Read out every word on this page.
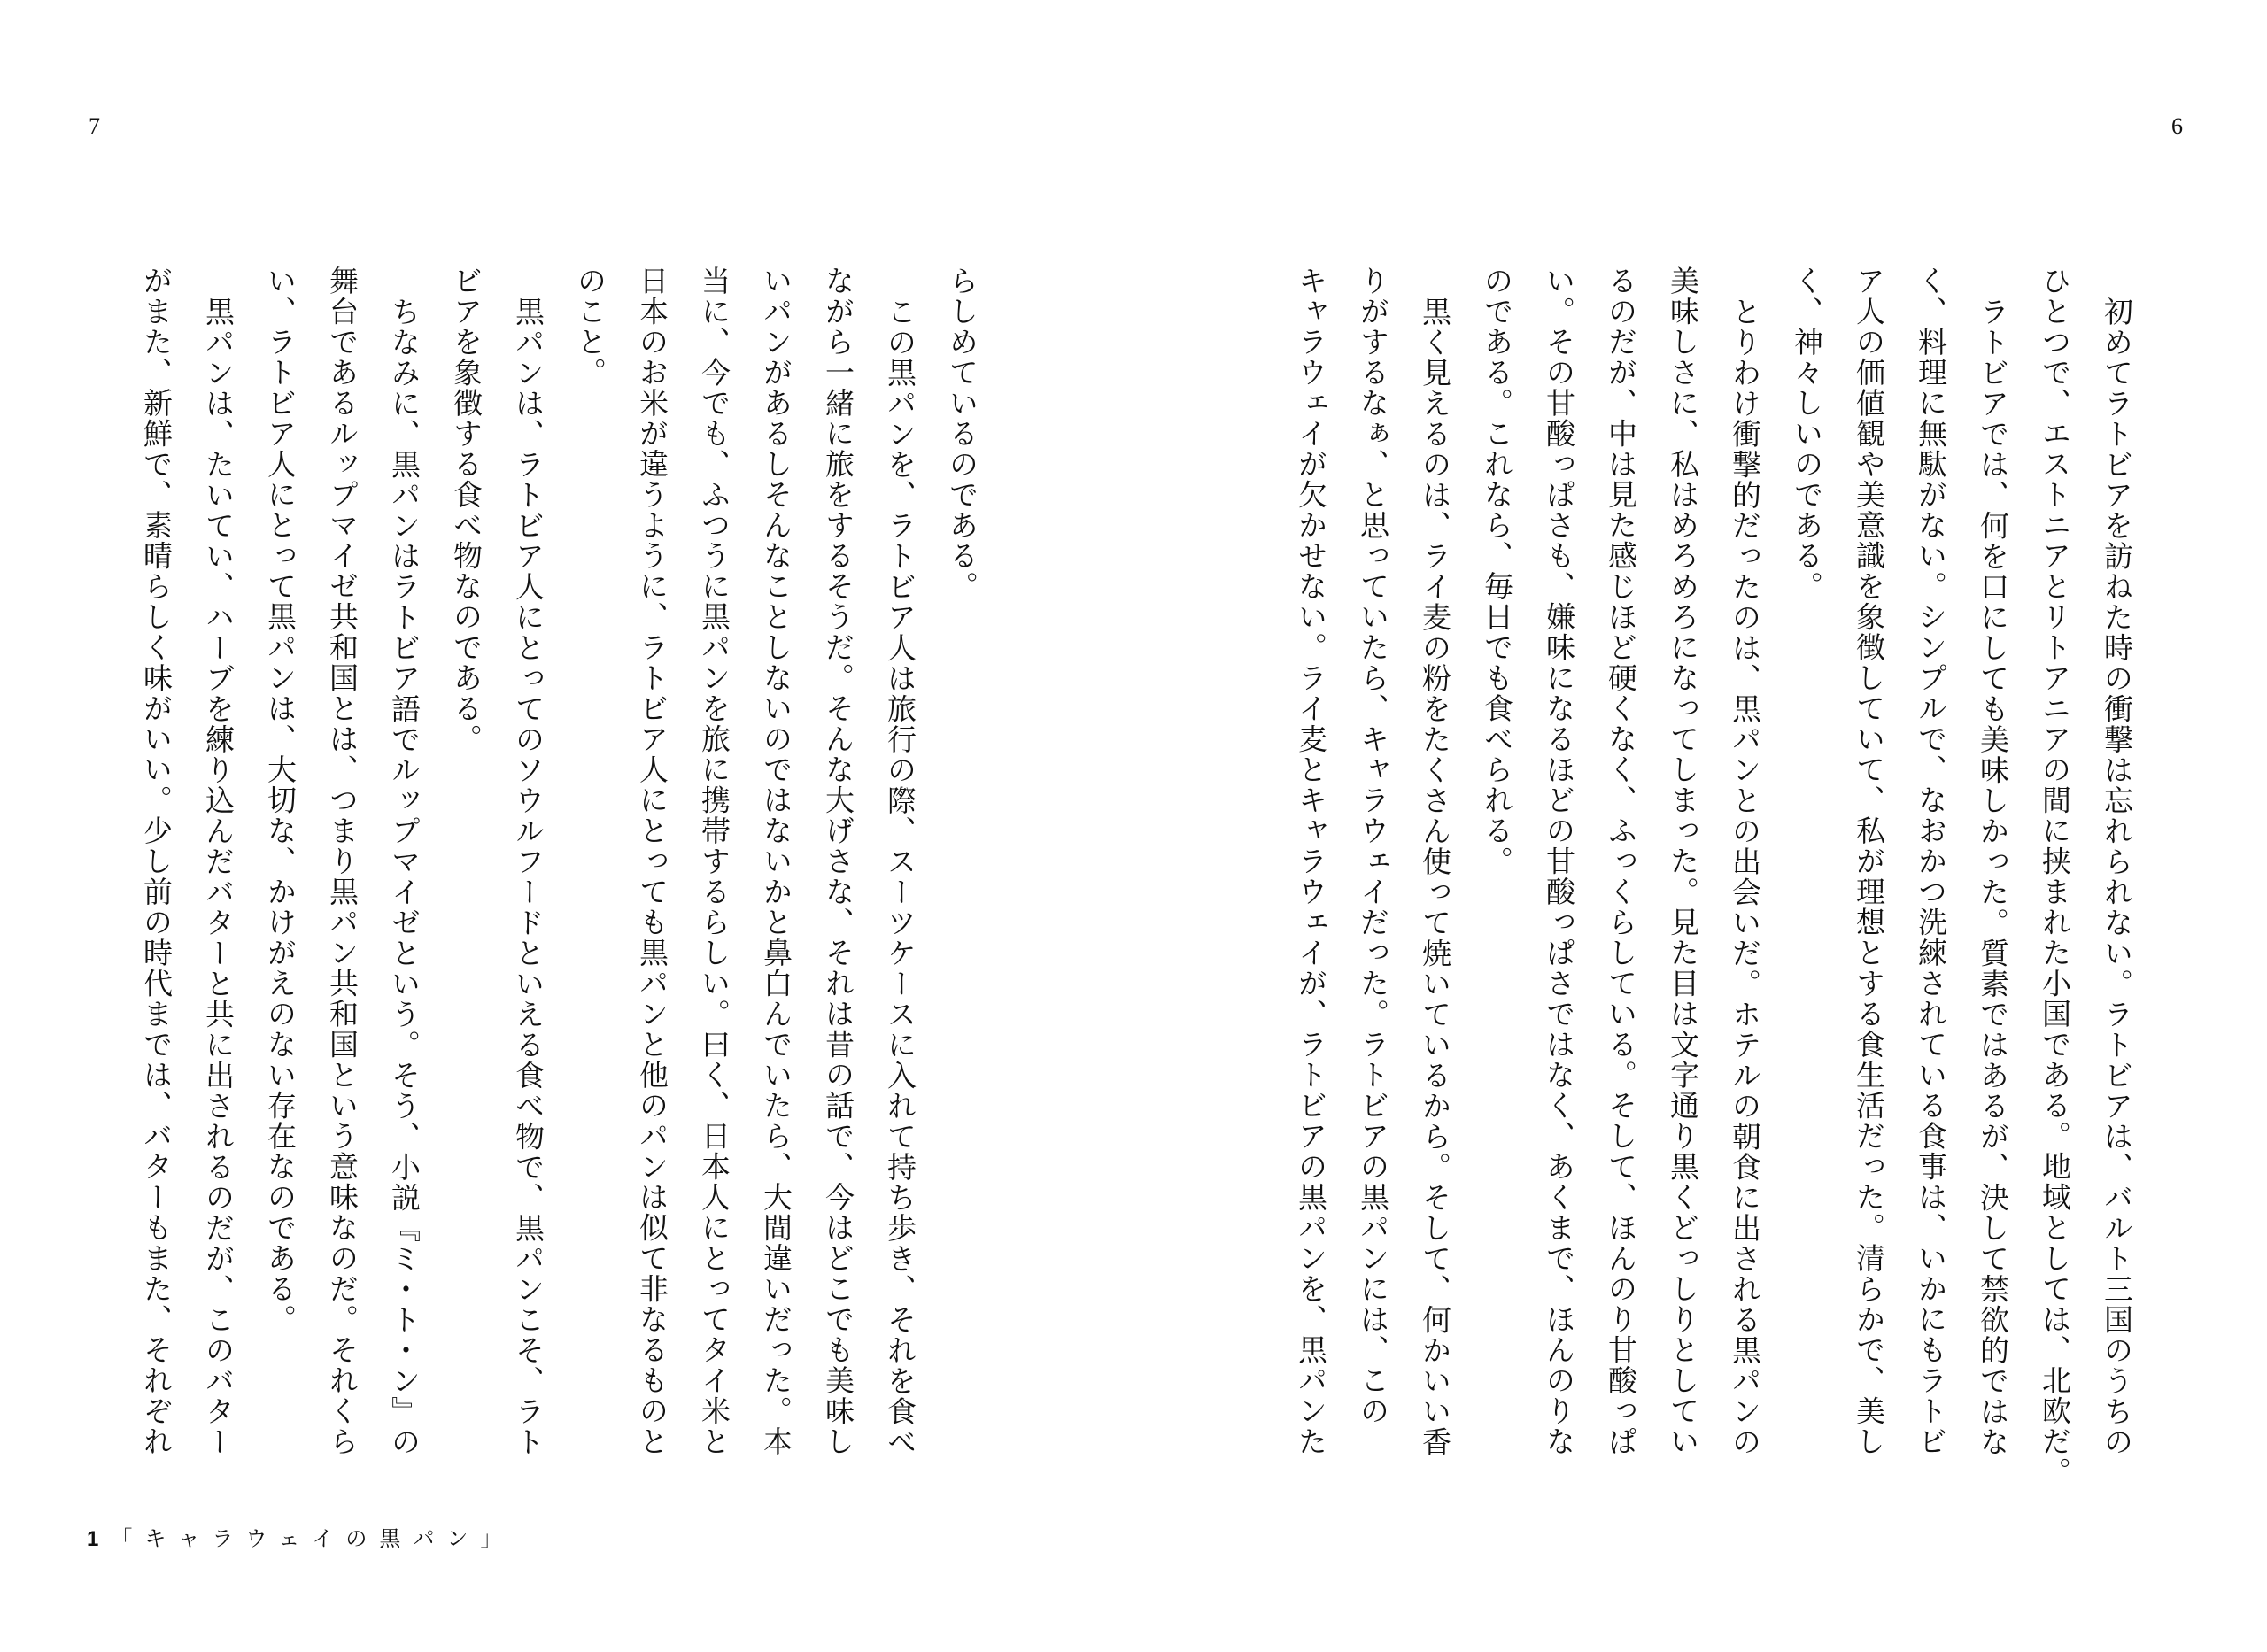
7	6
初めてラトビアを訪ねた時の衝撃は忘れられない。ラトビアは、バルト三国のうちの
ひとつで、エストニアとリトアニアの間に挟まれた小国である。地域としては、北欧だ。
ラトビアでは、何を口にしても美味しかった。質素ではあるが、決して禁欲的ではな
く、料理に無駄がない。シンプルで、なおかつ洗練されている食事は、いかにもラトビ
ア人の価値観や美意識を象徴していて、私が理想とする食生活だった。清らかで、美し
く、神々しいのである。
とりわけ衝撃的だったのは、黒パンとの出会いだ。ホテルの朝食に出される黒パンの
美味しさに、私はめろめろになってしまった。見た目は文字通り黒くどっしりとしてい
るのだが、中は見た感じほど硬くなく、ふっくらしている。そして、ほんのり甘酸っぱ
い。その甘酸っぱさも、嫌味になるほどの甘酸っぱさではなく、あくまで、ほんのりな
のである。これなら、毎日でも食べられる。
黒く見えるのは、ライ麦の粉をたくさん使って焼いているから。そして、何かいい香
りがするなぁ、と思っていたら、キャラウェイだった。ラトビアの黒パンには、この
キャラウェイが欠かせない。ライ麦とキャラウェイが、ラトビアの黒パンを、黒パンた
らしめているのである。
この黒パンを、ラトビア人は旅行の際、スーツケースに入れて持ち歩き、それを食べ
ながら一緒に旅をするそうだ。そんな大げさな、それは昔の話で、今はどこでも美味し
いパンがあるしそんなことしないのではないかと鼻白んでいたら、大間違いだった。本
当に、今でも、ふつうに黒パンを旅に携帯するらしい。曰く、日本人にとってタイ米と
日本のお米が違うように、ラトビア人にとっても黒パンと他のパンは似て非なるものと
のこと。
黒パンは、ラトビア人にとってのソウルフードといえる食べ物で、黒パンこそ、ラト
ビアを象徴する食べ物なのである。
ちなみに、黒パンはラトビア語でルップマイゼという。そう、小説『ミ・ト・ン』の
舞台であるルップマイゼ共和国とは、つまり黒パン共和国という意味なのだ。それくら
い、ラトビア人にとって黒パンは、大切な、かけがえのない存在なのである。
黒パンは、たいてい、ハーブを練り込んだバターと共に出されるのだが、このバター
がまた、新鮮で、素晴らしく味がいい。少し前の時代までは、バターもまた、それぞれ
1 「キャラウェイの黒パン」
